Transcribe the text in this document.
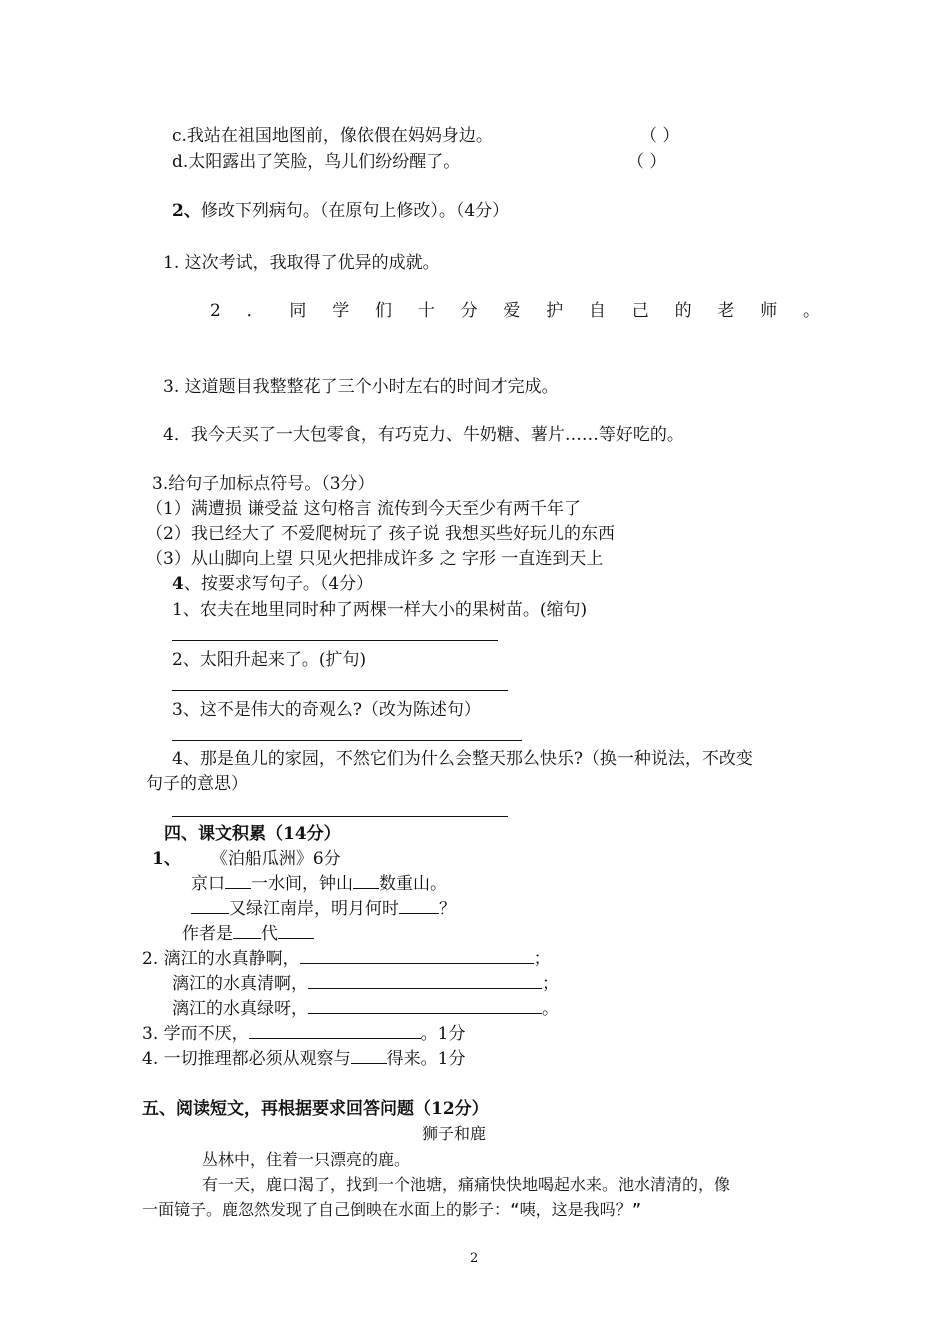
c.我站在祖国地图前，像依偎在妈妈身边。	（ ）
d.太阳露出了笑脸，鸟儿们纷纷醒了。	（ ）
2、修改下列病句。（在原句上修改）。（4分）
1. 这次考试，我取得了优异的成就。
2 ． 同 学 们 十 分 爱 护 自 己 的 老 师 。
3. 这道题目我整整花了三个小时左右的时间才完成。
4．我今天买了一大包零食，有巧克力、牛奶糖、薯片……等好吃的。
3.给句子加标点符号。（3分）
（1）满遭损 谦受益 这句格言 流传到今天至少有两千年了
（2）我已经大了 不爱爬树玩了 孩子说 我想买些好玩儿的东西
（3）从山脚向上望 只见火把排成许多 之 字形 一直连到天上
4、按要求写句子。（4分）
1、农夫在地里同时种了两棵一样大小的果树苗。(缩句)
2、太阳升起来了。(扩句)
3、这不是伟大的奇观么?（改为陈述句）
4、那是鱼儿的家园，不然它们为什么会整天那么快乐?（换一种说法，不改变
句子的意思）
四、课文积累（14分）
1、 《泊船瓜洲》6分
京口 一水间，钟山 数重山。
又绿江南岸，明月何时 ？
作者是 代
2. 漓江的水真静啊，	；
漓江的水真清啊，	；
漓江的水真绿呀，	。
3. 学而不厌，	。1分
4. 一切推理都必须从观察与 得来。1分
五、阅读短文，再根据要求回答问题（12分）
狮子和鹿
丛林中，住着一只漂亮的鹿。
有一天，鹿口渴了，找到一个池塘，痛痛快快地喝起水来。池水清清的，像
一面镜子。鹿忽然发现了自己倒映在水面上的影子：“咦，这是我吗？”
2
